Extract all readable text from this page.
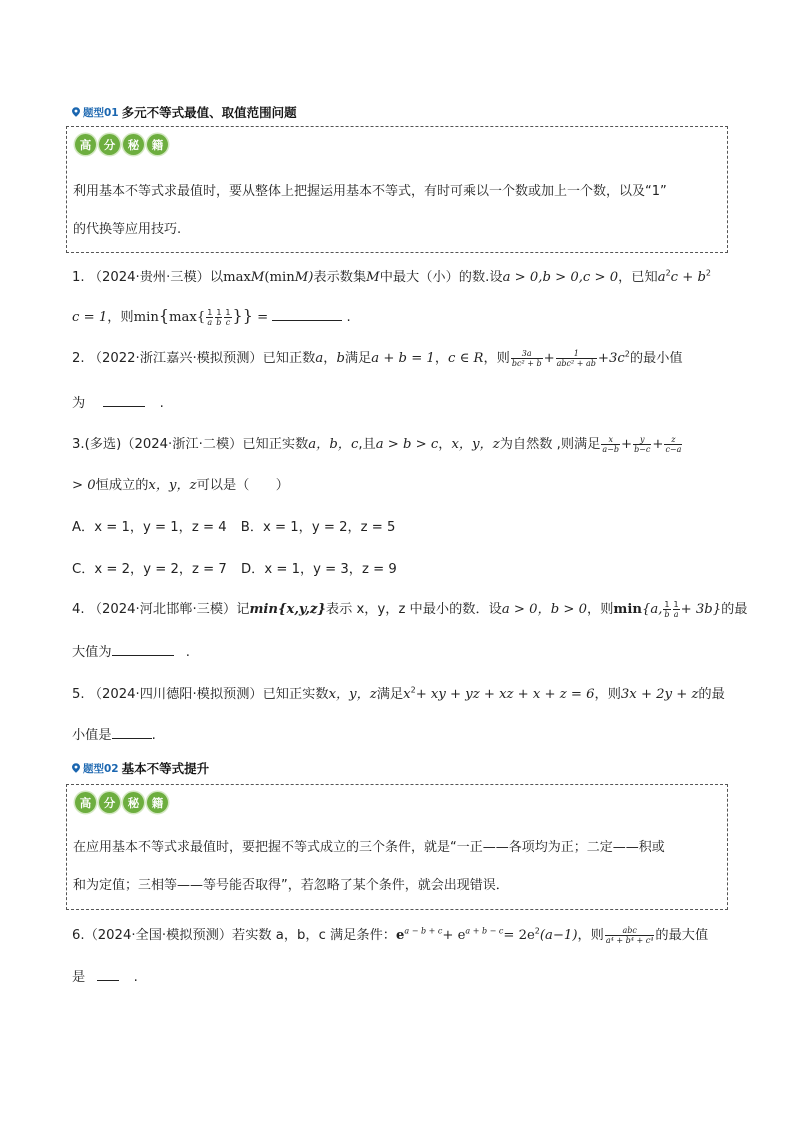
题型01 多元不等式最值、取值范围问题
高	分	秘	籍
利用基本不等式求最值时，要从整体上把握运用基本不等式，有时可乘以一个数或加上一个数，以及“1”
的代换等应用技巧.
1. （2024·贵州·三模）以maxM(minM)表示数集M中最大（小）的数.设a > 0,b > 0,c > 0，已知$a^2c + b^2$
c = 1，则$\min\{\max\{ \frac{1}{a} \frac{1}{b} \frac{1}{c}$ }} =	.
2. （2022·浙江嘉兴·模拟预测）已知正数a，b满足a + b = 1，c ∈ R，则 $\frac{3a}{\text{bc² + b}} + \frac{1}{\text{abc² + ab}} +3c^2$的最小值
为	.
3.(多选)（2024·浙江·二模）已知正实数a，b，c,且a > b > c，x，y，z为自然数 ,则满足 $\frac{x}{a-b} + \frac{y}{b-c} + \frac{z}{c-a}$
> 0恒成立的x，y，z可以是（　　）
A．x = 1，y = 1，z = 4 B．x = 1，y = 2，z = 5
C．x = 2，y = 2，z = 7 D．x = 1，y = 3，z = 9
4. （2024·河北邯郸·三模）记min{x,y,z}表示 x，y，z 中最小的数．设a > 0，b > 0，则min{a, $\frac{1}{b} \frac{1}{a} + 3b$}的最
大值为	.
5. （2024·四川德阳·模拟预测）已知正实数x，y，z满足$x^2+$ xy + yz + xz + x + z = 6，则3x + 2y + z的最
小值是	.
题型02 基本不等式提升
高	分	秘	籍
在应用基本不等式求最值时，要把握不等式成立的三个条件，就是“一正——各项均为正；二定——积或
和为定值；三相等——等号能否取得”，若忽略了某个条件，就会出现错误．
6.（2024·全国·模拟预测）若实数 a，b，c 满足条件：$e^{a - b + c}+ e^{a + b - c}= 2e^2(a-1)$，则 $\frac{\text{abc}}{\text{a⁴ + b⁴ + c⁴}}$ 的最大值
是	.
